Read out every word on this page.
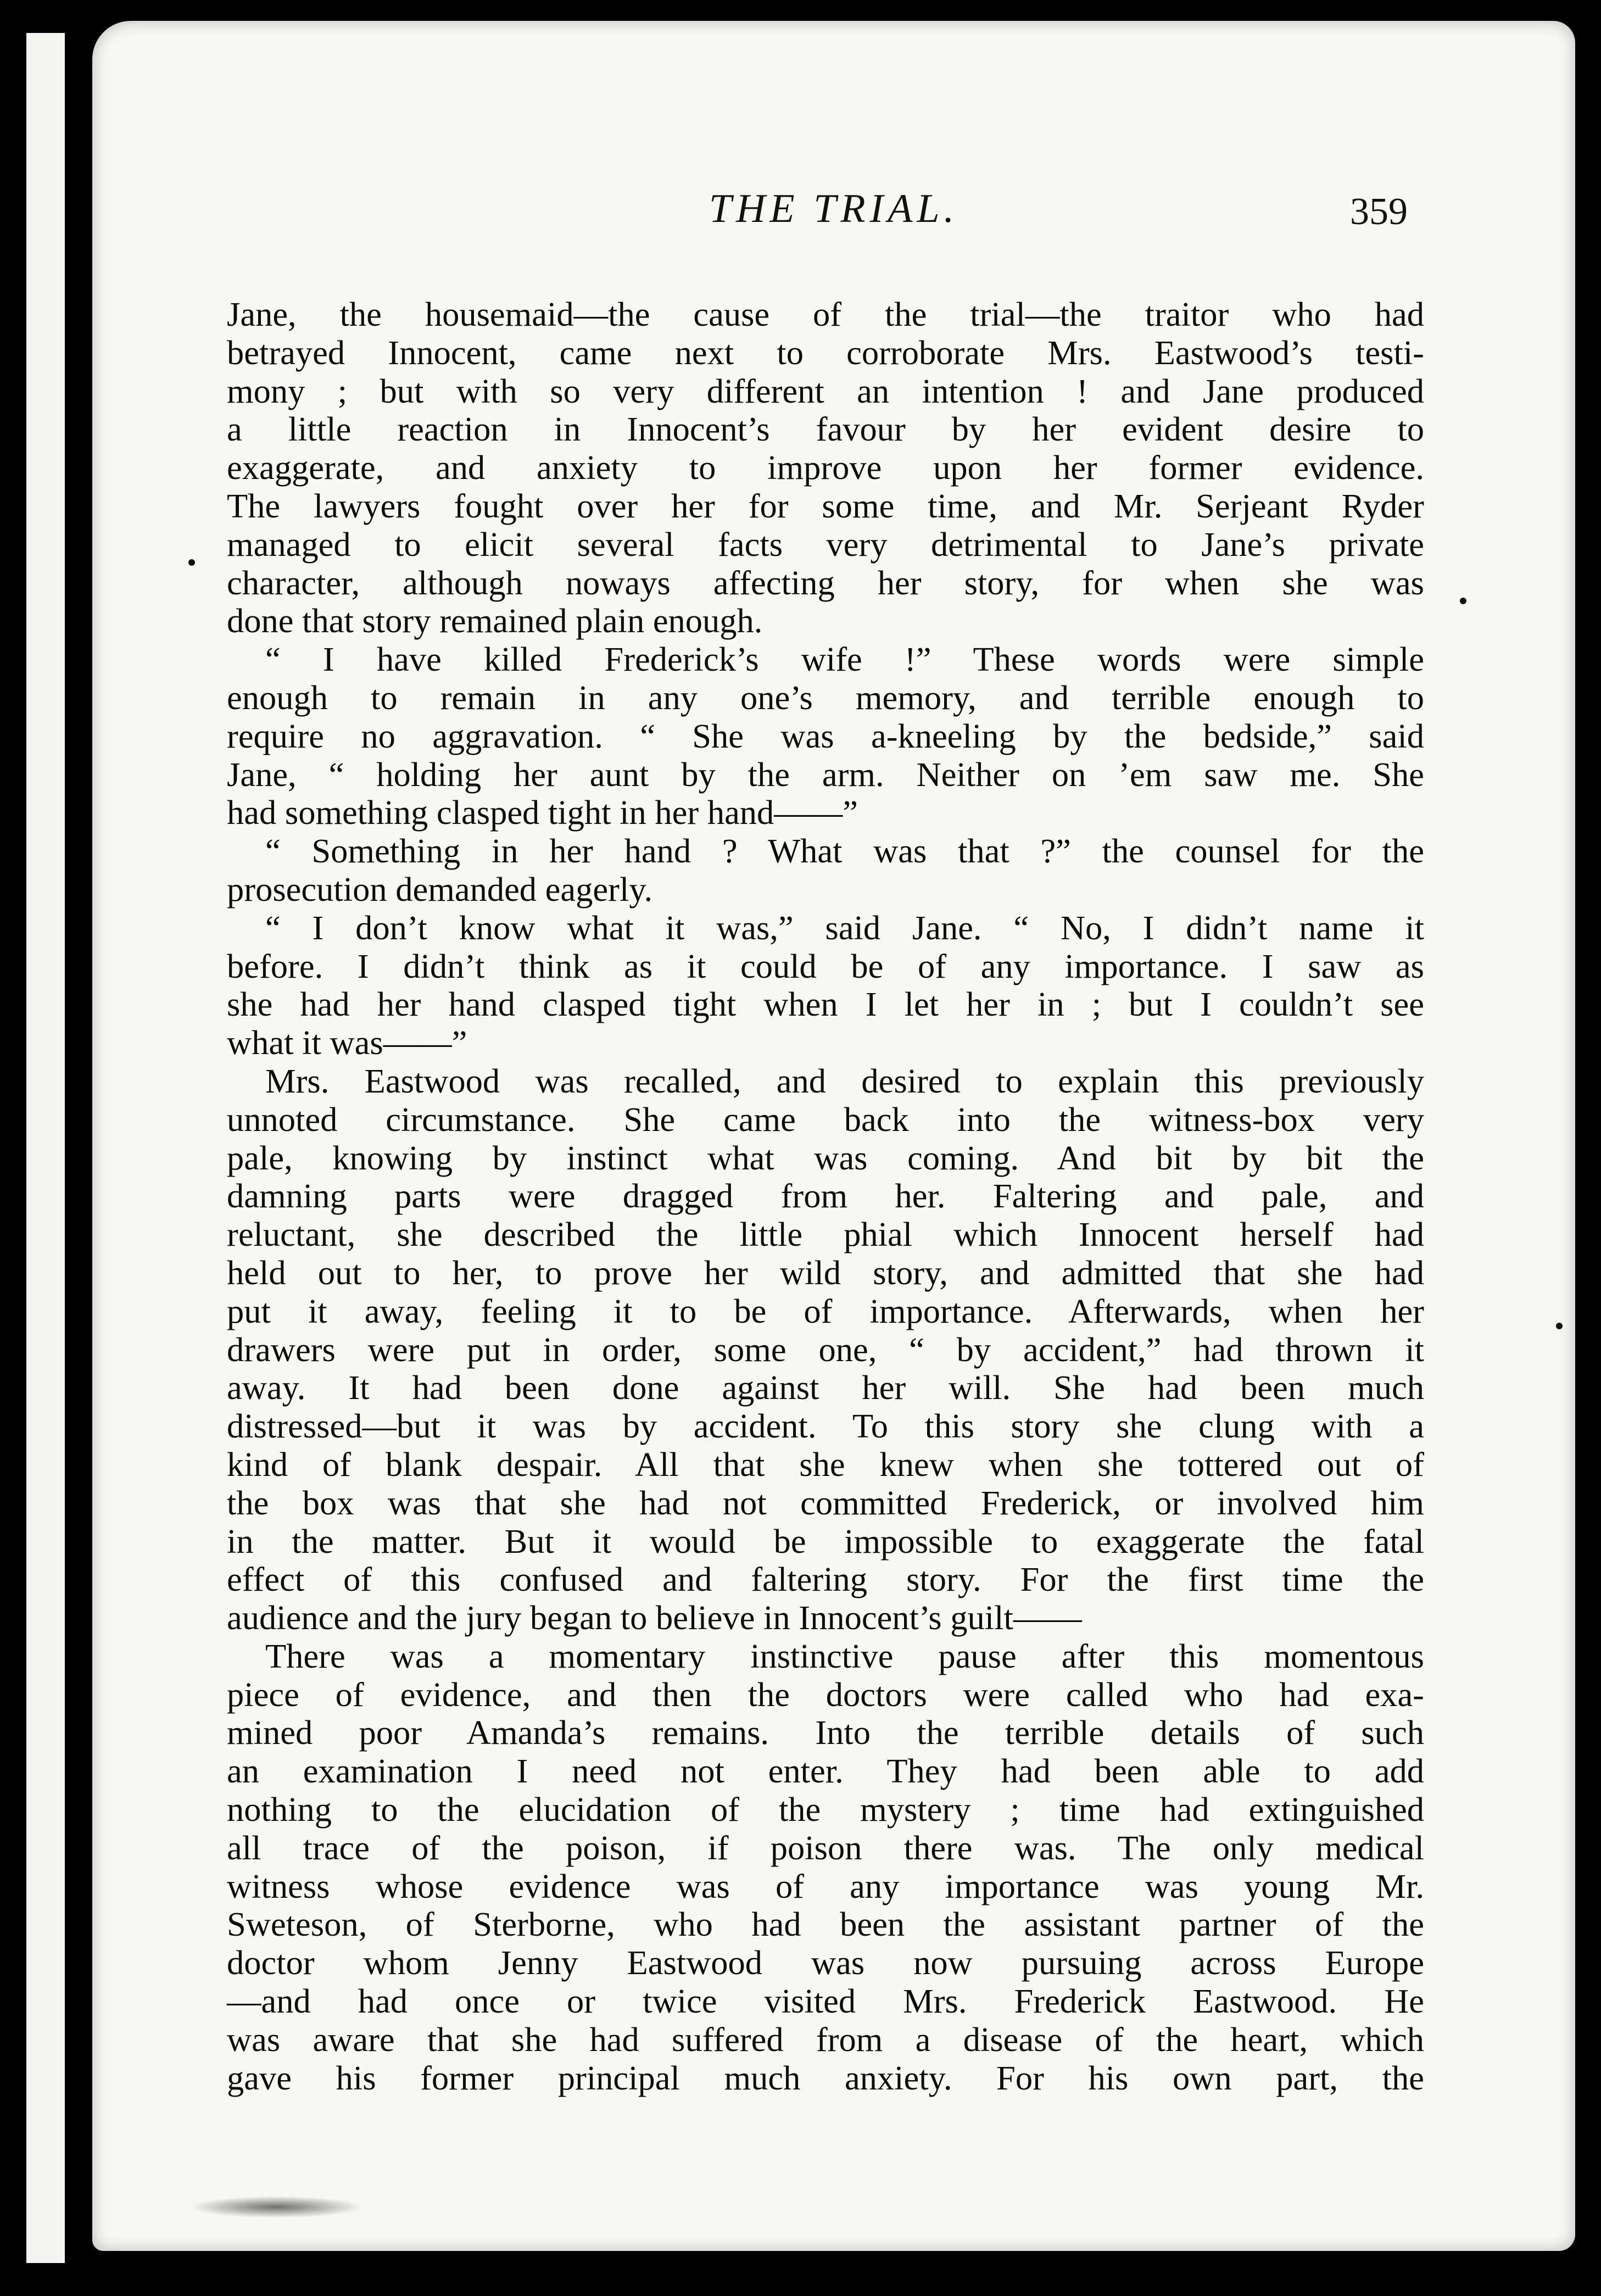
THE TRIAL.	359
Jane, the housemaid—the cause of the trial—the traitor who had
betrayed Innocent, came next to corroborate Mrs. Eastwood’s testi-
mony ; but with so very different an intention ! and Jane produced
a little reaction in Innocent’s favour by her evident desire to
exaggerate, and anxiety to improve upon her former evidence.
The lawyers fought over her for some time, and Mr. Serjeant Ryder
managed to elicit several facts very detrimental to Jane’s private
character, although noways affecting her story, for when she was
done that story remained plain enough.
“ I have killed Frederick’s wife !” These words were simple
enough to remain in any one’s memory, and terrible enough to
require no aggravation. “ She was a-kneeling by the bedside,” said
Jane, “ holding her aunt by the arm. Neither on ’em saw me. She
had something clasped tight in her hand——”
“ Something in her hand ? What was that ?” the counsel for the
prosecution demanded eagerly.
“ I don’t know what it was,” said Jane. “ No, I didn’t name it
before. I didn’t think as it could be of any importance. I saw as
she had her hand clasped tight when I let her in ; but I couldn’t see
what it was——”
Mrs. Eastwood was recalled, and desired to explain this previously
unnoted circumstance. She came back into the witness-box very
pale, knowing by instinct what was coming. And bit by bit the
damning parts were dragged from her. Faltering and pale, and
reluctant, she described the little phial which Innocent herself had
held out to her, to prove her wild story, and admitted that she had
put it away, feeling it to be of importance. Afterwards, when her
drawers were put in order, some one, “ by accident,” had thrown it
away. It had been done against her will. She had been much
distressed—but it was by accident. To this story she clung with a
kind of blank despair. All that she knew when she tottered out of
the box was that she had not committed Frederick, or involved him
in the matter. But it would be impossible to exaggerate the fatal
effect of this confused and faltering story. For the first time the
audience and the jury began to believe in Innocent’s guilt——
There was a momentary instinctive pause after this momentous
piece of evidence, and then the doctors were called who had exa-
mined poor Amanda’s remains. Into the terrible details of such
an examination I need not enter. They had been able to add
nothing to the elucidation of the mystery ; time had extinguished
all trace of the poison, if poison there was. The only medical
witness whose evidence was of any importance was young Mr.
Sweteson, of Sterborne, who had been the assistant partner of the
doctor whom Jenny Eastwood was now pursuing across Europe
—and had once or twice visited Mrs. Frederick Eastwood. He
was aware that she had suffered from a disease of the heart, which
gave his former principal much anxiety. For his own part, the
